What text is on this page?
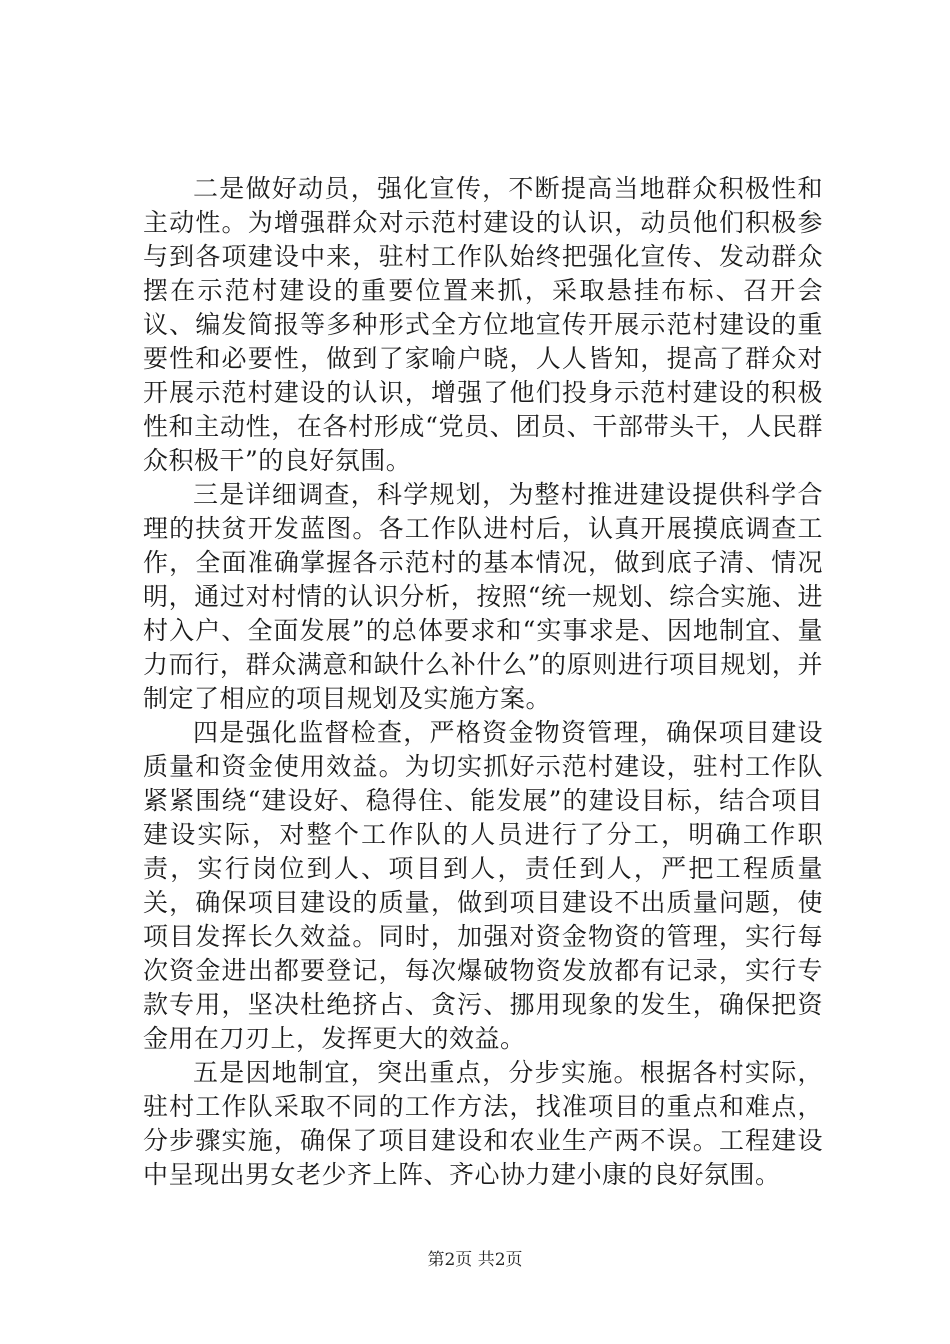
二是做好动员，强化宣传，不断提高当地群众积极性和主动性。为增强群众对示范村建设的认识，动员他们积极参与到各项建设中来，驻村工作队始终把强化宣传、发动群众摆在示范村建设的重要位置来抓，采取悬挂布标、召开会议、编发简报等多种形式全方位地宣传开展示范村建设的重要性和必要性，做到了家喻户晓，人人皆知，提高了群众对开展示范村建设的认识，增强了他们投身示范村建设的积极性和主动性，在各村形成“党员、团员、干部带头干，人民群众积极干”的良好氛围。

三是详细调查，科学规划，为整村推进建设提供科学合理的扶贫开发蓝图。各工作队进村后，认真开展摸底调查工作，全面准确掌握各示范村的基本情况，做到底子清、情况明，通过对村情的认识分析，按照“统一规划、综合实施、进村入户、全面发展”的总体要求和“实事求是、因地制宜、量力而行，群众满意和缺什么补什么”的原则进行项目规划，并制定了相应的项目规划及实施方案。

四是强化监督检查，严格资金物资管理，确保项目建设质量和资金使用效益。为切实抓好示范村建设，驻村工作队紧紧围绕“建设好、稳得住、能发展”的建设目标，结合项目建设实际，对整个工作队的人员进行了分工，明确工作职责，实行岗位到人、项目到人，责任到人，严把工程质量关，确保项目建设的质量，做到项目建设不出质量问题，使项目发挥长久效益。同时，加强对资金物资的管理，实行每次资金进出都要登记，每次爆破物资发放都有记录，实行专款专用，坚决杜绝挤占、贪污、挪用现象的发生，确保把资金用在刀刃上，发挥更大的效益。

五是因地制宜，突出重点，分步实施。根据各村实际，驻村工作队采取不同的工作方法，找准项目的重点和难点，分步骤实施，确保了项目建设和农业生产两不误。工程建设中呈现出男女老少齐上阵、齐心协力建小康的良好氛围。

第2页 共2页
